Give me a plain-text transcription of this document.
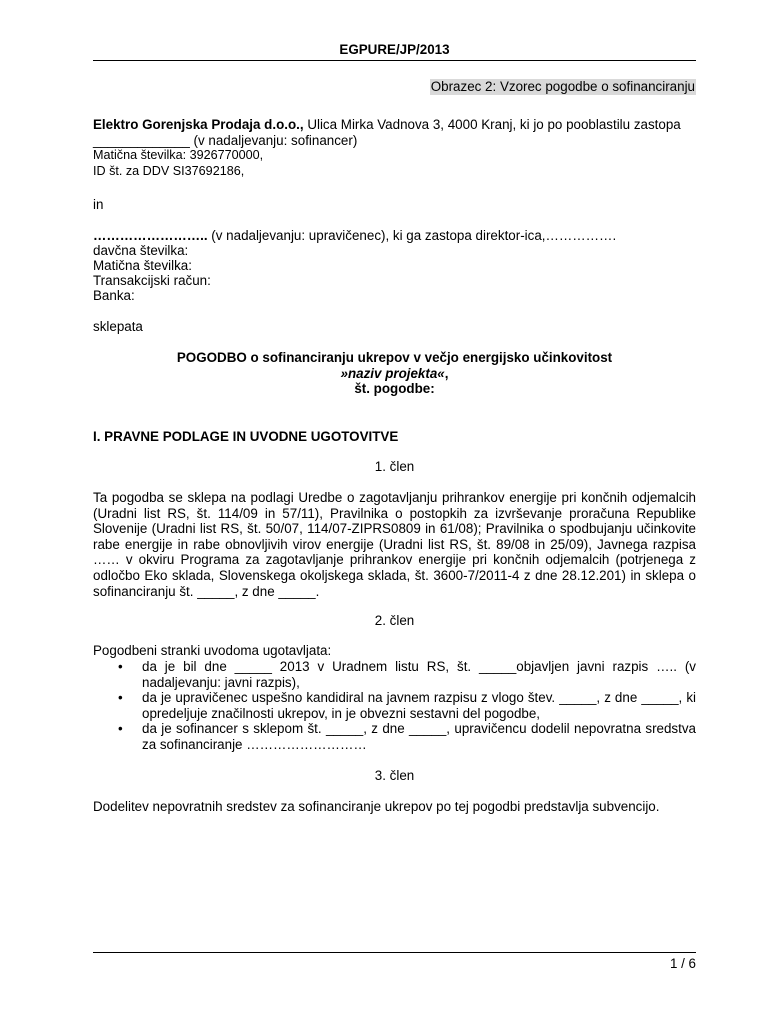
EGPURE/JP/2013
Obrazec 2: Vzorec pogodbe o sofinanciranju
Elektro Gorenjska Prodaja d.o.o., Ulica Mirka Vadnova 3, 4000 Kranj, ki jo po pooblastilu zastopa
_____________ (v nadaljevanju: sofinancer)
Matična številka: 3926770000,
ID št. za DDV SI37692186,
in
…………………….. (v nadaljevanju: upravičenec), ki ga zastopa direktor-ica,…………….
davčna številka:
Matična številka:
Transakcijski račun:
Banka:
sklepata
POGODBO o sofinanciranju ukrepov v večjo energijsko učinkovitost
»naziv projekta«,
št. pogodbe:
I. PRAVNE PODLAGE IN UVODNE UGOTOVITVE
1. člen
Ta pogodba se sklepa na podlagi Uredbe o zagotavljanju prihrankov energije pri končnih odjemalcih (Uradni list RS, št. 114/09 in 57/11), Pravilnika o postopkih za izvrševanje proračuna Republike Slovenije (Uradni list RS, št. 50/07, 114/07-ZIPRS0809 in 61/08); Pravilnika o spodbujanju učinkovite rabe energije in rabe obnovljivih virov energije (Uradni list RS, št. 89/08 in 25/09), Javnega razpisa …… v okviru Programa za zagotavljanje prihrankov energije pri končnih odjemalcih (potrjenega z odločbo Eko sklada, Slovenskega okoljskega sklada, št. 3600-7/2011-4 z dne 28.12.201) in sklepa o sofinanciranju št. _____, z dne _____.
2. člen
Pogodbeni stranki uvodoma ugotavljata:
• da je bil dne _____ 2013 v Uradnem listu RS, št. _____objavljen javni razpis ….. (v nadaljevanju: javni razpis),
• da je upravičenec uspešno kandidiral na javnem razpisu z vlogo štev. _____, z dne _____, ki opredeljuje značilnosti ukrepov, in je obvezni sestavni del pogodbe,
• da je sofinancer s sklepom št. _____, z dne _____, upravičencu dodelil nepovratna sredstva za sofinanciranje ………………………
3. člen
Dodelitev nepovratnih sredstev za sofinanciranje ukrepov po tej pogodbi predstavlja subvencijo.
1 / 6
